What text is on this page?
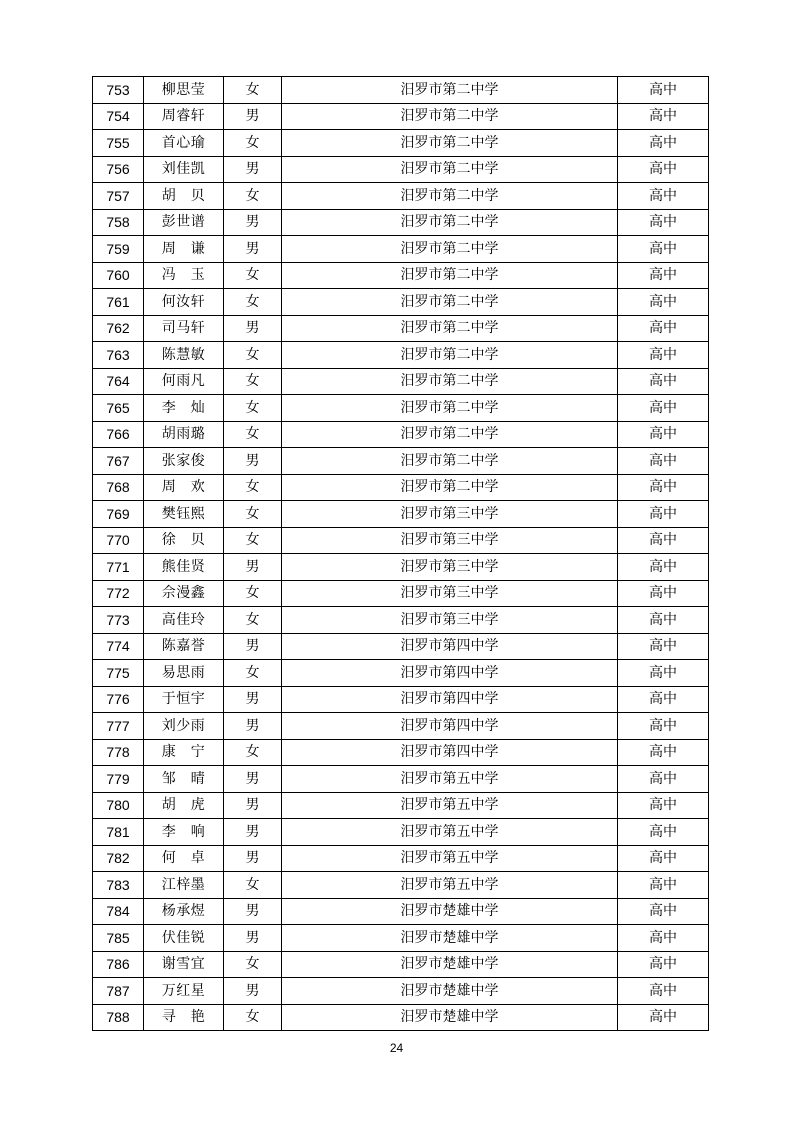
753	柳思莹	女	汨罗市第二中学	高中
754	周睿轩	男	汨罗市第二中学	高中
755	首心瑜	女	汨罗市第二中学	高中
756	刘佳凯	男	汨罗市第二中学	高中
757	胡　贝	女	汨罗市第二中学	高中
758	彭世谱	男	汨罗市第二中学	高中
759	周　谦	男	汨罗市第二中学	高中
760	冯　玉	女	汨罗市第二中学	高中
761	何汝轩	女	汨罗市第二中学	高中
762	司马轩	男	汨罗市第二中学	高中
763	陈慧敏	女	汨罗市第二中学	高中
764	何雨凡	女	汨罗市第二中学	高中
765	李　灿	女	汨罗市第二中学	高中
766	胡雨璐	女	汨罗市第二中学	高中
767	张家俊	男	汨罗市第二中学	高中
768	周　欢	女	汨罗市第二中学	高中
769	樊钰熙	女	汨罗市第三中学	高中
770	徐　贝	女	汨罗市第三中学	高中
771	熊佳贤	男	汨罗市第三中学	高中
772	佘漫鑫	女	汨罗市第三中学	高中
773	高佳玲	女	汨罗市第三中学	高中
774	陈嘉誉	男	汨罗市第四中学	高中
775	易思雨	女	汨罗市第四中学	高中
776	于恒宇	男	汨罗市第四中学	高中
777	刘少雨	男	汨罗市第四中学	高中
778	康　宁	女	汨罗市第四中学	高中
779	邹　晴	男	汨罗市第五中学	高中
780	胡　虎	男	汨罗市第五中学	高中
781	李　响	男	汨罗市第五中学	高中
782	何　卓	男	汨罗市第五中学	高中
783	江梓墨	女	汨罗市第五中学	高中
784	杨承煜	男	汨罗市楚雄中学	高中
785	伏佳锐	男	汨罗市楚雄中学	高中
786	谢雪宜	女	汨罗市楚雄中学	高中
787	万红星	男	汨罗市楚雄中学	高中
788	寻　艳	女	汨罗市楚雄中学	高中
24
